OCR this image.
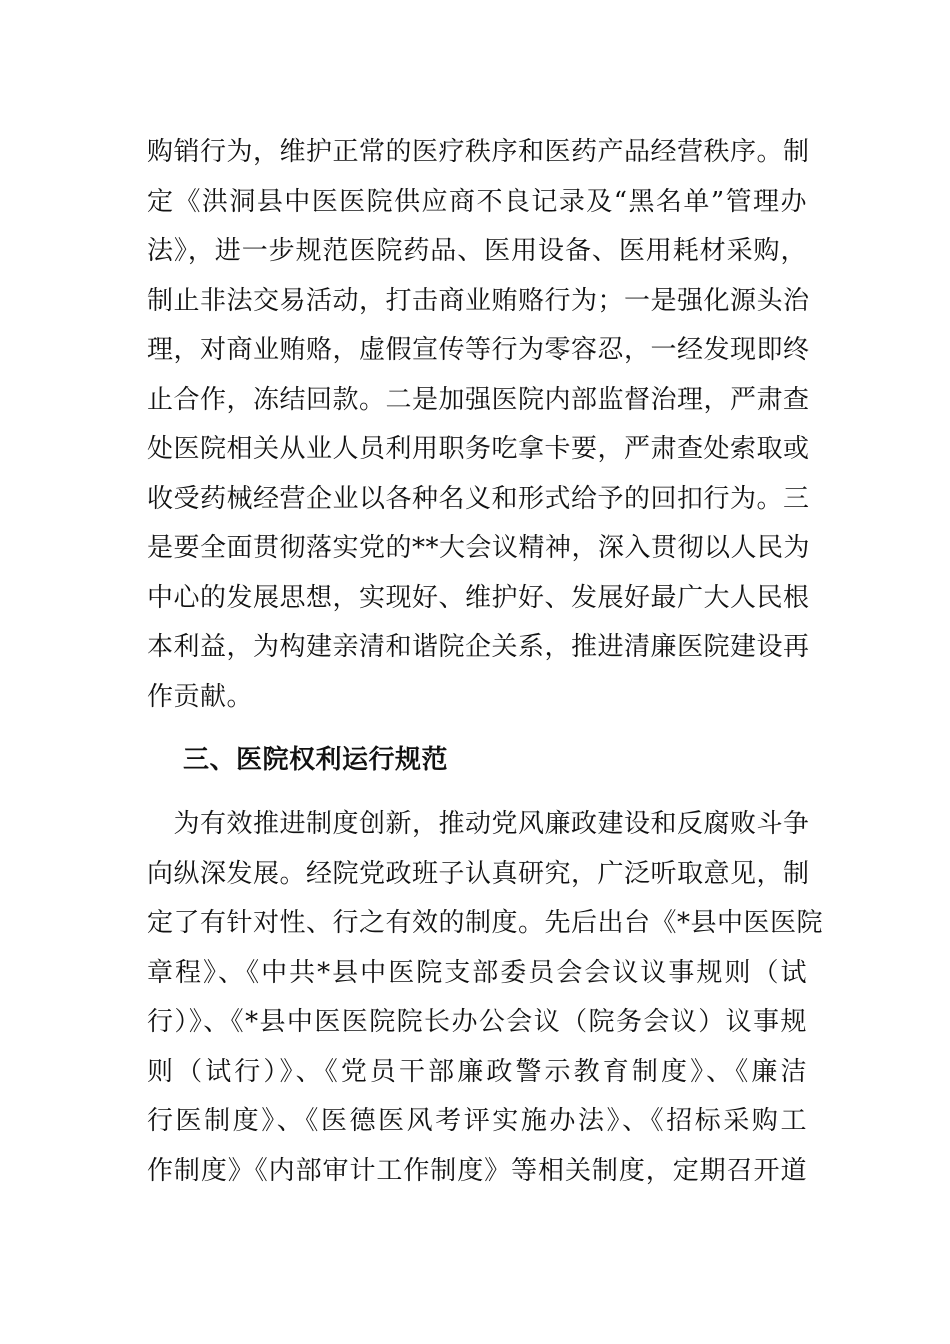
购销行为，维护正常的医疗秩序和医药产品经营秩序。制
定《洪洞县中医医院供应商不良记录及“黑名单”管理办
法》，进一步规范医院药品、医用设备、医用耗材采购，
制止非法交易活动，打击商业贿赂行为；一是强化源头治
理，对商业贿赂，虚假宣传等行为零容忍，一经发现即终
止合作，冻结回款。二是加强医院内部监督治理，严肃查
处医院相关从业人员利用职务吃拿卡要，严肃查处索取或
收受药械经营企业以各种名义和形式给予的回扣行为。三
是要全面贯彻落实党的**大会议精神，深入贯彻以人民为
中心的发展思想，实现好、维护好、发展好最广大人民根
本利益，为构建亲清和谐院企关系，推进清廉医院建设再
作贡献。
三、医院权利运行规范
　为有效推进制度创新，推动党风廉政建设和反腐败斗争
向纵深发展。经院党政班子认真研究，广泛听取意见，制
定了有针对性、行之有效的制度。先后出台《*县中医医院
章程》、《中共*县中医院支部委员会会议议事规则（试
行）》、《*县中医医院院长办公会议（院务会议）议事规
则（试行）》、《党员干部廉政警示教育制度》、《廉洁
行医制度》、《医德医风考评实施办法》、《招标采购工
作制度》《内部审计工作制度》等相关制度，定期召开道
